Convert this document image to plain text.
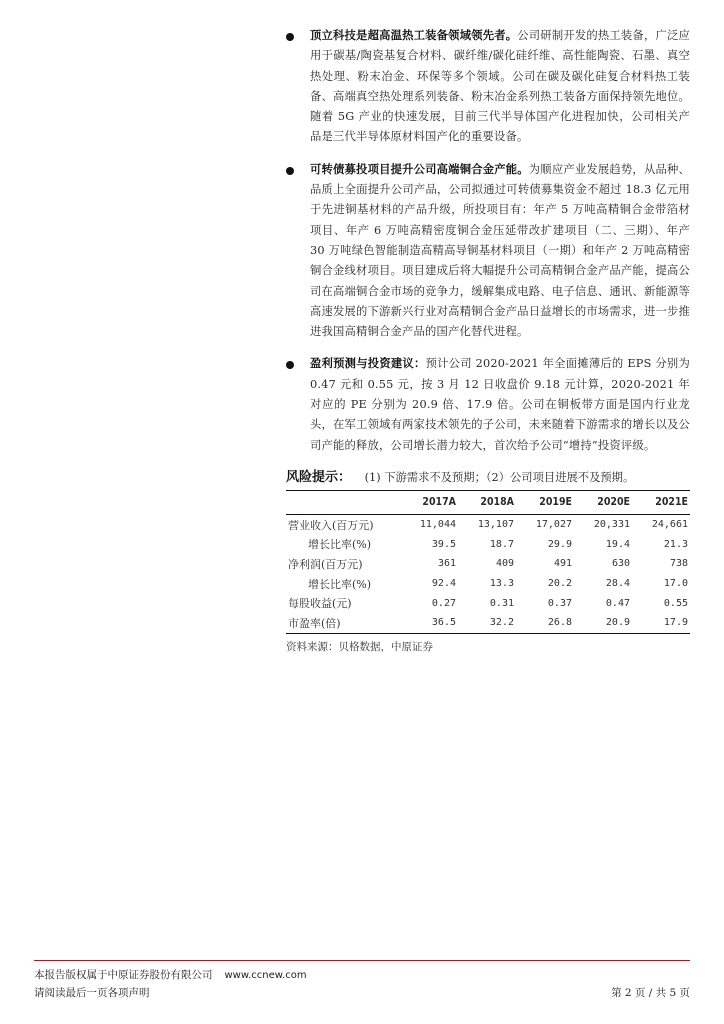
顶立科技是超高温热工装备领域领先者。公司研制开发的热工装备，广泛应用于碳基/陶瓷基复合材料、碳纤维/碳化硅纤维、高性能陶瓷、石墨、真空热处理、粉末冶金、环保等多个领域。公司在碳及碳化硅复合材料热工装备、高端真空热处理系列装备、粉末冶金系列热工装备方面保持领先地位。随着 5G 产业的快速发展，目前三代半导体国产化进程加快，公司相关产品是三代半导体原材料国产化的重要设备。
可转债募投项目提升公司高端铜合金产能。为顺应产业发展趋势，从品种、品质上全面提升公司产品，公司拟通过可转债募集资金不超过 18.3 亿元用于先进铜基材料的产品升级，所投项目有：年产 5 万吨高精铜合金带箔材项目、年产 6 万吨高精密度铜合金压延带改扩建项目（二、三期）、年产 30 万吨绿色智能制造高精高导铜基材料项目（一期）和年产 2 万吨高精密铜合金线材项目。项目建成后将大幅提升公司高精铜合金产品产能，提高公司在高端铜合金市场的竞争力，缓解集成电路、电子信息、通讯、新能源等高速发展的下游新兴行业对高精铜合金产品日益增长的市场需求，进一步推进我国高精铜合金产品的国产化替代进程。
盈利预测与投资建议：预计公司 2020-2021 年全面摊薄后的 EPS 分别为 0.47 元和 0.55 元，按 3 月 12 日收盘价 9.18 元计算，2020-2021 年对应的 PE 分别为 20.9 倍、17.9 倍。公司在铜板带方面是国内行业龙头，在军工领域有两家技术领先的子公司，未来随着下游需求的增长以及公司产能的释放，公司增长潜力较大，首次给予公司“增持”投资评级。
风险提示： (1) 下游需求不及预期；（2）公司项目进展不及预期。
	2017A	2018A	2019E	2020E	2021E
营业收入(百万元)	11,044	13,107	17,027	20,331	24,661
增长比率(%)	39.5	18.7	29.9	19.4	21.3
净利润(百万元)	361	409	491	630	738
增长比率(%)	92.4	13.3	20.2	28.4	17.0
每股收益(元)	0.27	0.31	0.37	0.47	0.55
市盈率(倍)	36.5	32.2	26.8	20.9	17.9
资料来源：贝格数据，中原证券
本报告版权属于中原证券股份有限公司 www.ccnew.com
请阅读最后一页各项声明	第 2 页 / 共 5 页
